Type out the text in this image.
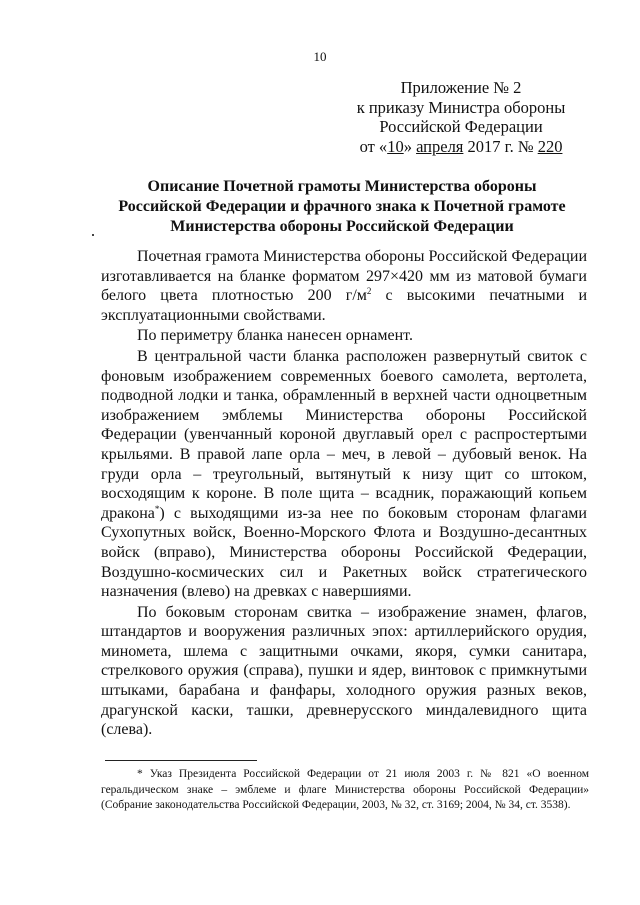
10
Приложение № 2
к приказу Министра обороны
Российской Федерации
от «10» апреля 2017 г. № 220
Описание Почетной грамоты Министерства обороны
Российской Федерации и фрачного знака к Почетной грамоте
Министерства обороны Российской Федерации

Почетная грамота Министерства обороны Российской Федерации изготавливается на бланке форматом 297×420 мм из матовой бумаги белого цвета плотностью 200 $г/м^2$ с высокими печатными и эксплуатационными свойствами.

По периметру бланка нанесен орнамент.

В центральной части бланка расположен развернутый свиток с фоновым изображением современных боевого самолета, вертолета, подводной лодки и танка, обрамленный в верхней части одноцветным изображением эмблемы Министерства обороны Российской Федерации (увенчанный короной двуглавый орел с распростертыми крыльями. В правой лапе орла – меч, в левой – дубовый венок. На груди орла – треугольный, вытянутый к низу щит со штоком, восходящим к короне. В поле щита – всадник, поражающий копьем дракона*) с выходящими из-за нее по боковым сторонам флагами Сухопутных войск, Военно-Морского Флота и Воздушно-десантных войск (вправо), Министерства обороны Российской Федерации, Воздушно-космических сил и Ракетных войск стратегического назначения (влево) на древках с навершиями.

По боковым сторонам свитка – изображение знамен, флагов, штандартов и вооружения различных эпох: артиллерийского орудия, миномета, шлема с защитными очками, якоря, сумки санитара, стрелкового оружия (справа), пушки и ядер, винтовок с примкнутыми штыками, барабана и фанфары, холодного оружия разных веков, драгунской каски, ташки, древнерусского миндалевидного щита (слева).

* Указ Президента Российской Федерации от 21 июля 2003 г. № 821 «О военном геральдическом знаке – эмблеме и флаге Министерства обороны Российской Федерации» (Собрание законодательства Российской Федерации, 2003, № 32, ст. 3169; 2004, № 34, ст. 3538).
